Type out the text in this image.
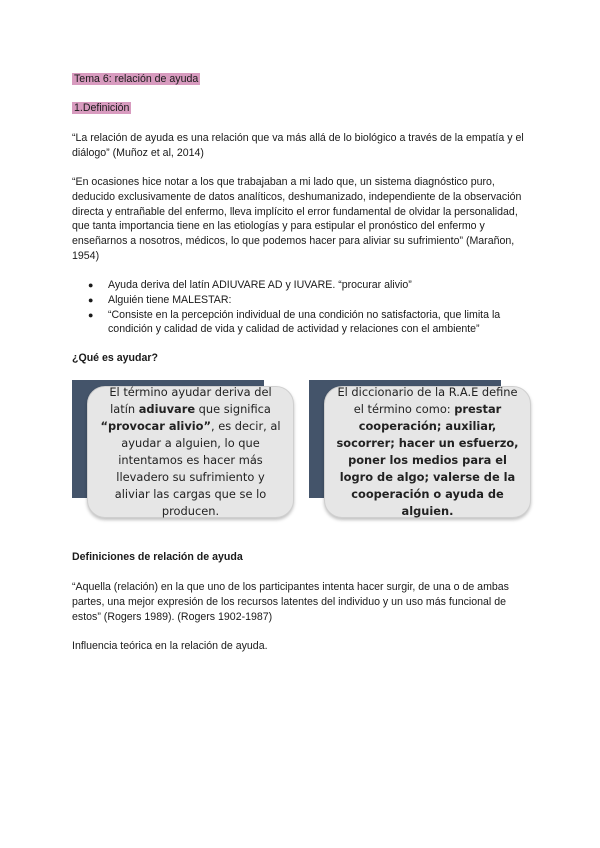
Tema 6: relación de ayuda

1.Definición

“La relación de ayuda es una relación que va más allá de lo biológico a través de la empatía y el diálogo” (Muñoz et al, 2014)

“En ocasiones hice notar a los que trabajaban a mi lado que, un sistema diagnóstico puro, deducido exclusivamente de datos analíticos, deshumanizado, independiente de la observación directa y entrañable del enfermo, lleva implícito el error fundamental de olvidar la personalidad, que tanta importancia tiene en las etiologías y para estipular el pronóstico del enfermo y enseñarnos a nosotros, médicos, lo que podemos hacer para aliviar su sufrimiento” (Marañon, 1954)

● Ayuda deriva del latín ADIUVARE AD y IUVARE. “procurar alivio”
● Alguién tiene MALESTAR:
● “Consiste en la percepción individual de una condición no satisfactoria, que limita la condición y calidad de vida y calidad de actividad y relaciones con el ambiente”

¿Qué es ayudar?

El término ayudar deriva del latín adiuvare que significa “provocar alivio”, es decir, al ayudar a alguien, lo que intentamos es hacer más llevadero su sufrimiento y aliviar las cargas que se lo producen.
El diccionario de la R.A.E define el término como: prestar cooperación; auxiliar, socorrer; hacer un esfuerzo, poner los medios para el logro de algo; valerse de la cooperación o ayuda de alguien.

Definiciones de relación de ayuda

“Aquella (relación) en la que uno de los participantes intenta hacer surgir, de una o de ambas partes, una mejor expresión de los recursos latentes del individuo y un uso más funcional de estos” (Rogers 1989). (Rogers 1902-1987)

Influencia teórica en la relación de ayuda.
